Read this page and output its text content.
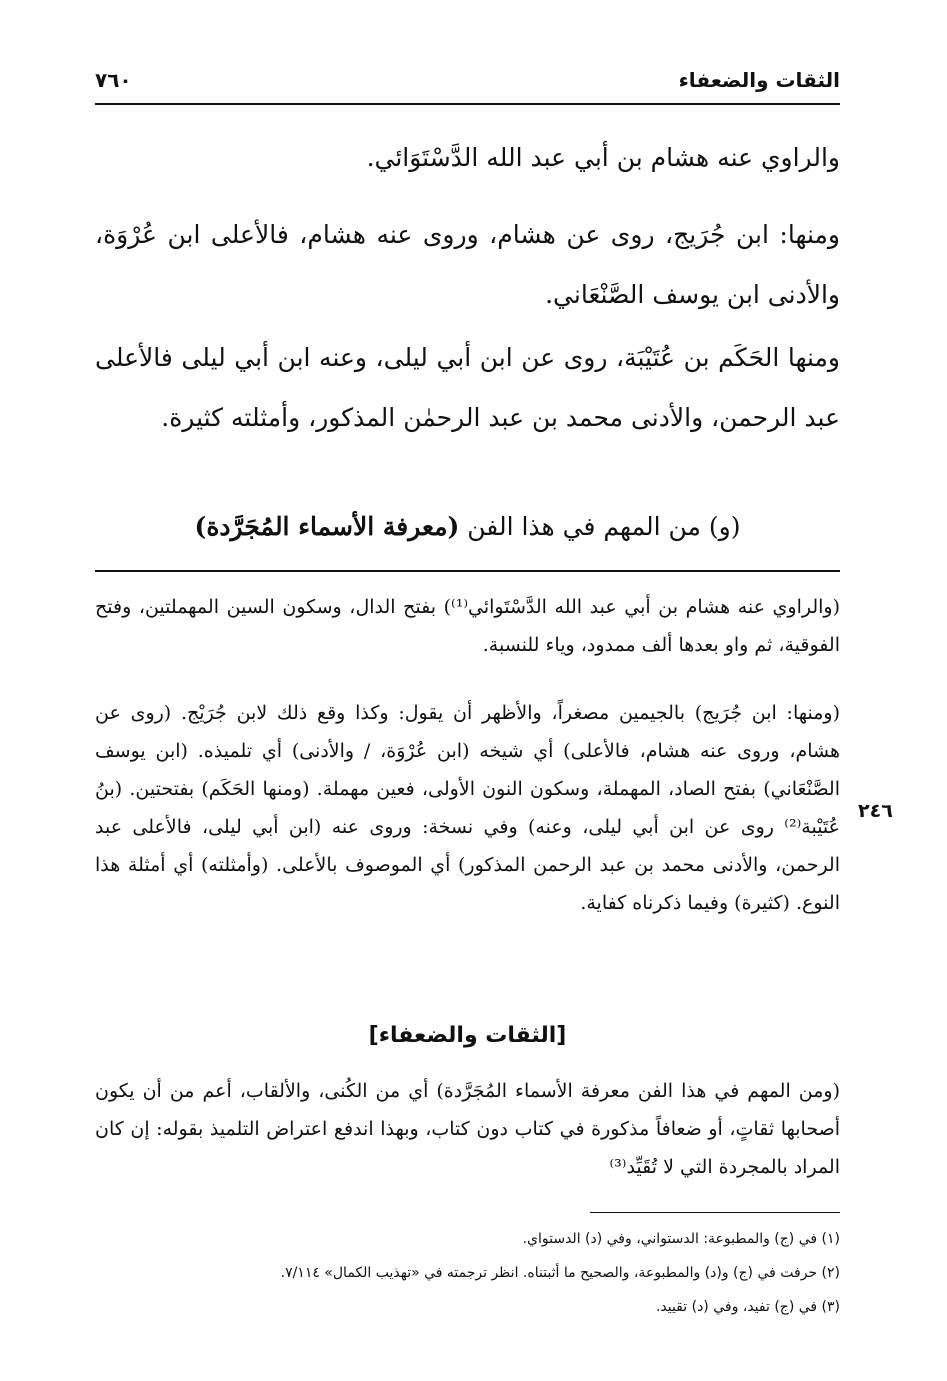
الثقات والضعفاء
٧٦٠
والراوي عنه هشام بن أبي عبد الله الدَّسْتَوَائي.
ومنها: ابن جُرَيج، روى عن هشام، وروى عنه هشام، فالأعلى ابن عُرْوَة، والأدنى ابن يوسف الصَّنْعَاني.
ومنها الحَكَم بن عُتَيْبَة، روى عن ابن أبي ليلى، وعنه ابن أبي ليلى فالأعلى عبد الرحمن، والأدنى محمد بن عبد الرحمٰن المذكور، وأمثلته كثيرة.
(و) من المهم في هذا الفن (معرفة الأسماء المُجَرَّدة)
(والراوي عنه هشام بن أبي عبد الله الدَّسْتَوائي⁽¹⁾) بفتح الدال، وسكون السين المهملتين، وفتح الفوقية، ثم واو بعدها ألف ممدود، وياء للنسبة.
(ومنها: ابن جُرَيج) بالجيمين مصغراً، والأظهر أن يقول: وكذا وقع ذلك لابن جُرَيْج. (روى عن هشام، وروى عنه هشام، فالأعلى) أي شيخه (ابن عُرْوَة، / والأدنى) أي تلميذه. (ابن يوسف الصَّنْعَاني) بفتح الصاد، المهملة، وسكون النون الأولى، فعين مهملة. (ومنها الحَكَم) بفتحتين. (بنُ عُتَيْبة⁽²⁾ روى عن ابن أبي ليلى، وعنه) وفي نسخة: وروى عنه (ابن أبي ليلى، فالأعلى عبد الرحمن، والأدنى محمد بن عبد الرحمن المذكور) أي الموصوف بالأعلى. (وأمثلته) أي أمثلة هذا النوع. (كثيرة) وفيما ذكرناه كفاية.
٢٤٦
[الثقات والضعفاء]
(ومن المهم في هذا الفن معرفة الأسماء المُجَرَّدة) أي من الكُنى، والألقاب، أعم من أن يكون أصحابها ثقاتٍ، أو ضعافاً مذكورة في كتاب دون كتاب، وبهذا اندفع اعتراض التلميذ بقوله: إن كان المراد بالمجردة التي لا تُقَيِّد⁽³⁾
(١) في (ج) والمطبوعة: الدستواني، وفي (د) الدستواي.
(٢) حرفت في (ج) و(د) والمطبوعة، والصحيح ما أثبتناه. انظر ترجمته في «تهذيب الكمال» ٧/١١٤.
(٣) في (ج) تفيد، وفي (د) تقييد.
